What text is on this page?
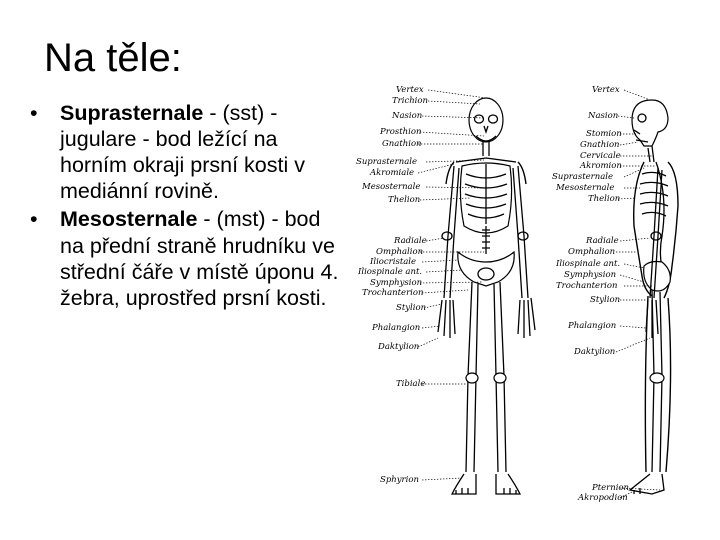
Na těle:
• Suprasternale - (sst) - jugulare - bod ležící na horním okraji prsní kosti v mediánní rovině.
• Mesosternale - (mst) - bod na přední straně hrudníku ve střední čáře v místě úponu 4. žebra, uprostřed prsní kosti.
Vertex
Trichion
Nasion
Prosthion
Gnathion
Suprasternale
Akromiale
Mesosternale
Thelion
Radiale
Omphalion
Iliocristale
Iliospinale ant.
Symphysion
Trochanterion
Stylion
Phalangion
Daktylion
Tibiale
Sphyrion
Vertex
Nasion
Stomion
Gnathion
Cervicale
Akromion
Suprasternale
Mesosternale
Thelion
Radiale
Omphalion
Iliospinale ant.
Symphysion
Trochanterion
Stylion
Phalangion
Daktylion
Pternion
Akropodion
